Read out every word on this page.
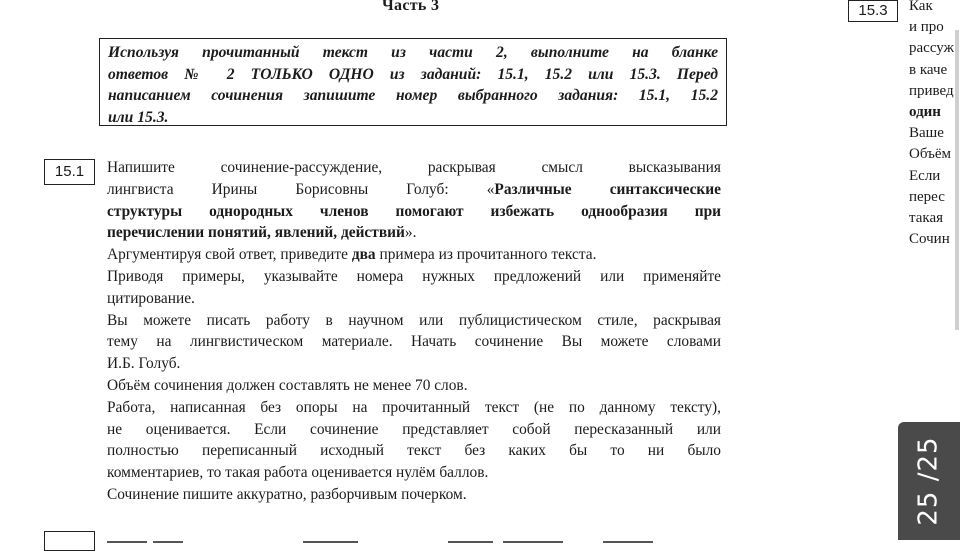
Часть 3
Используя прочитанный текст из части 2, выполните на бланке
ответов № 2 ТОЛЬКО ОДНО из заданий: 15.1, 15.2 или 15.3. Перед
написанием сочинения запишите номер выбранного задания: 15.1, 15.2
или 15.3.
15.1	Напишите сочинение-рассуждение, раскрывая смысл высказывания
лингвиста Ирины Борисовны Голуб: «Различные синтаксические
структуры однородных членов помогают избежать однообразия при
перечислении понятий, явлений, действий».
Аргументируя свой ответ, приведите два примера из прочитанного текста.
Приводя примеры, указывайте номера нужных предложений или применяйте
цитирование.
Вы можете писать работу в научном или публицистическом стиле, раскрывая
тему на лингвистическом материале. Начать сочинение Вы можете словами
И.Б. Голуб.
Объём сочинения должен составлять не менее 70 слов.
Работа, написанная без опоры на прочитанный текст (не по данному тексту),
не оценивается. Если сочинение представляет собой пересказанный или
полностью переписанный исходный текст без каких бы то ни было
комментариев, то такая работа оценивается нулём баллов.
Сочинение пишите аккуратно, разборчивым почерком.
15.3	Как
и про
рассуж
в каче
привед
один
Ваше
Объём
Если
перес
такая
Сочин
25 /25
